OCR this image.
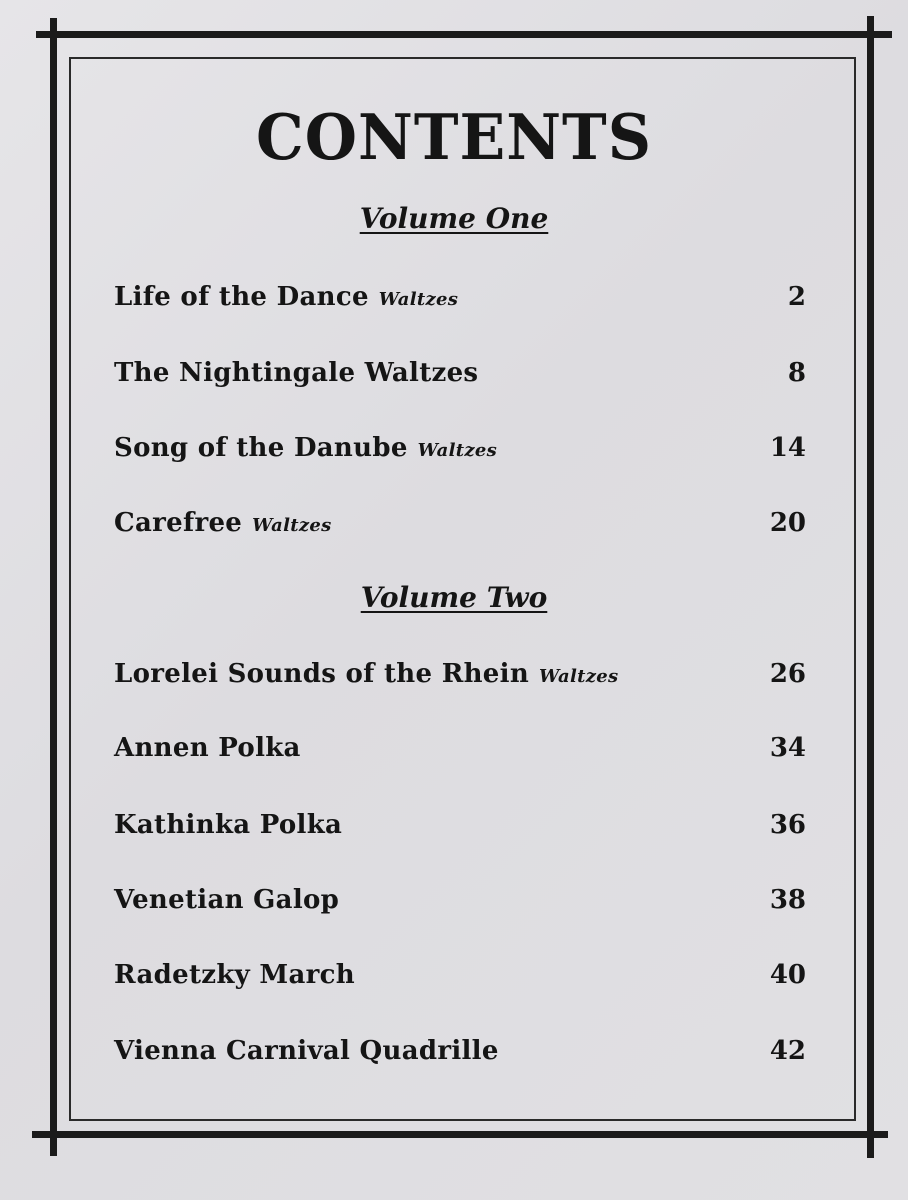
CONTENTS
Volume One
Life of the Dance Waltzes	2
The Nightingale Waltzes	8
Song of the Danube Waltzes	14
Carefree Waltzes	20
Volume Two
Lorelei Sounds of the Rhein Waltzes	26
Annen Polka	34
Kathinka Polka	36
Venetian Galop	38
Radetzky March	40
Vienna Carnival Quadrille	42
